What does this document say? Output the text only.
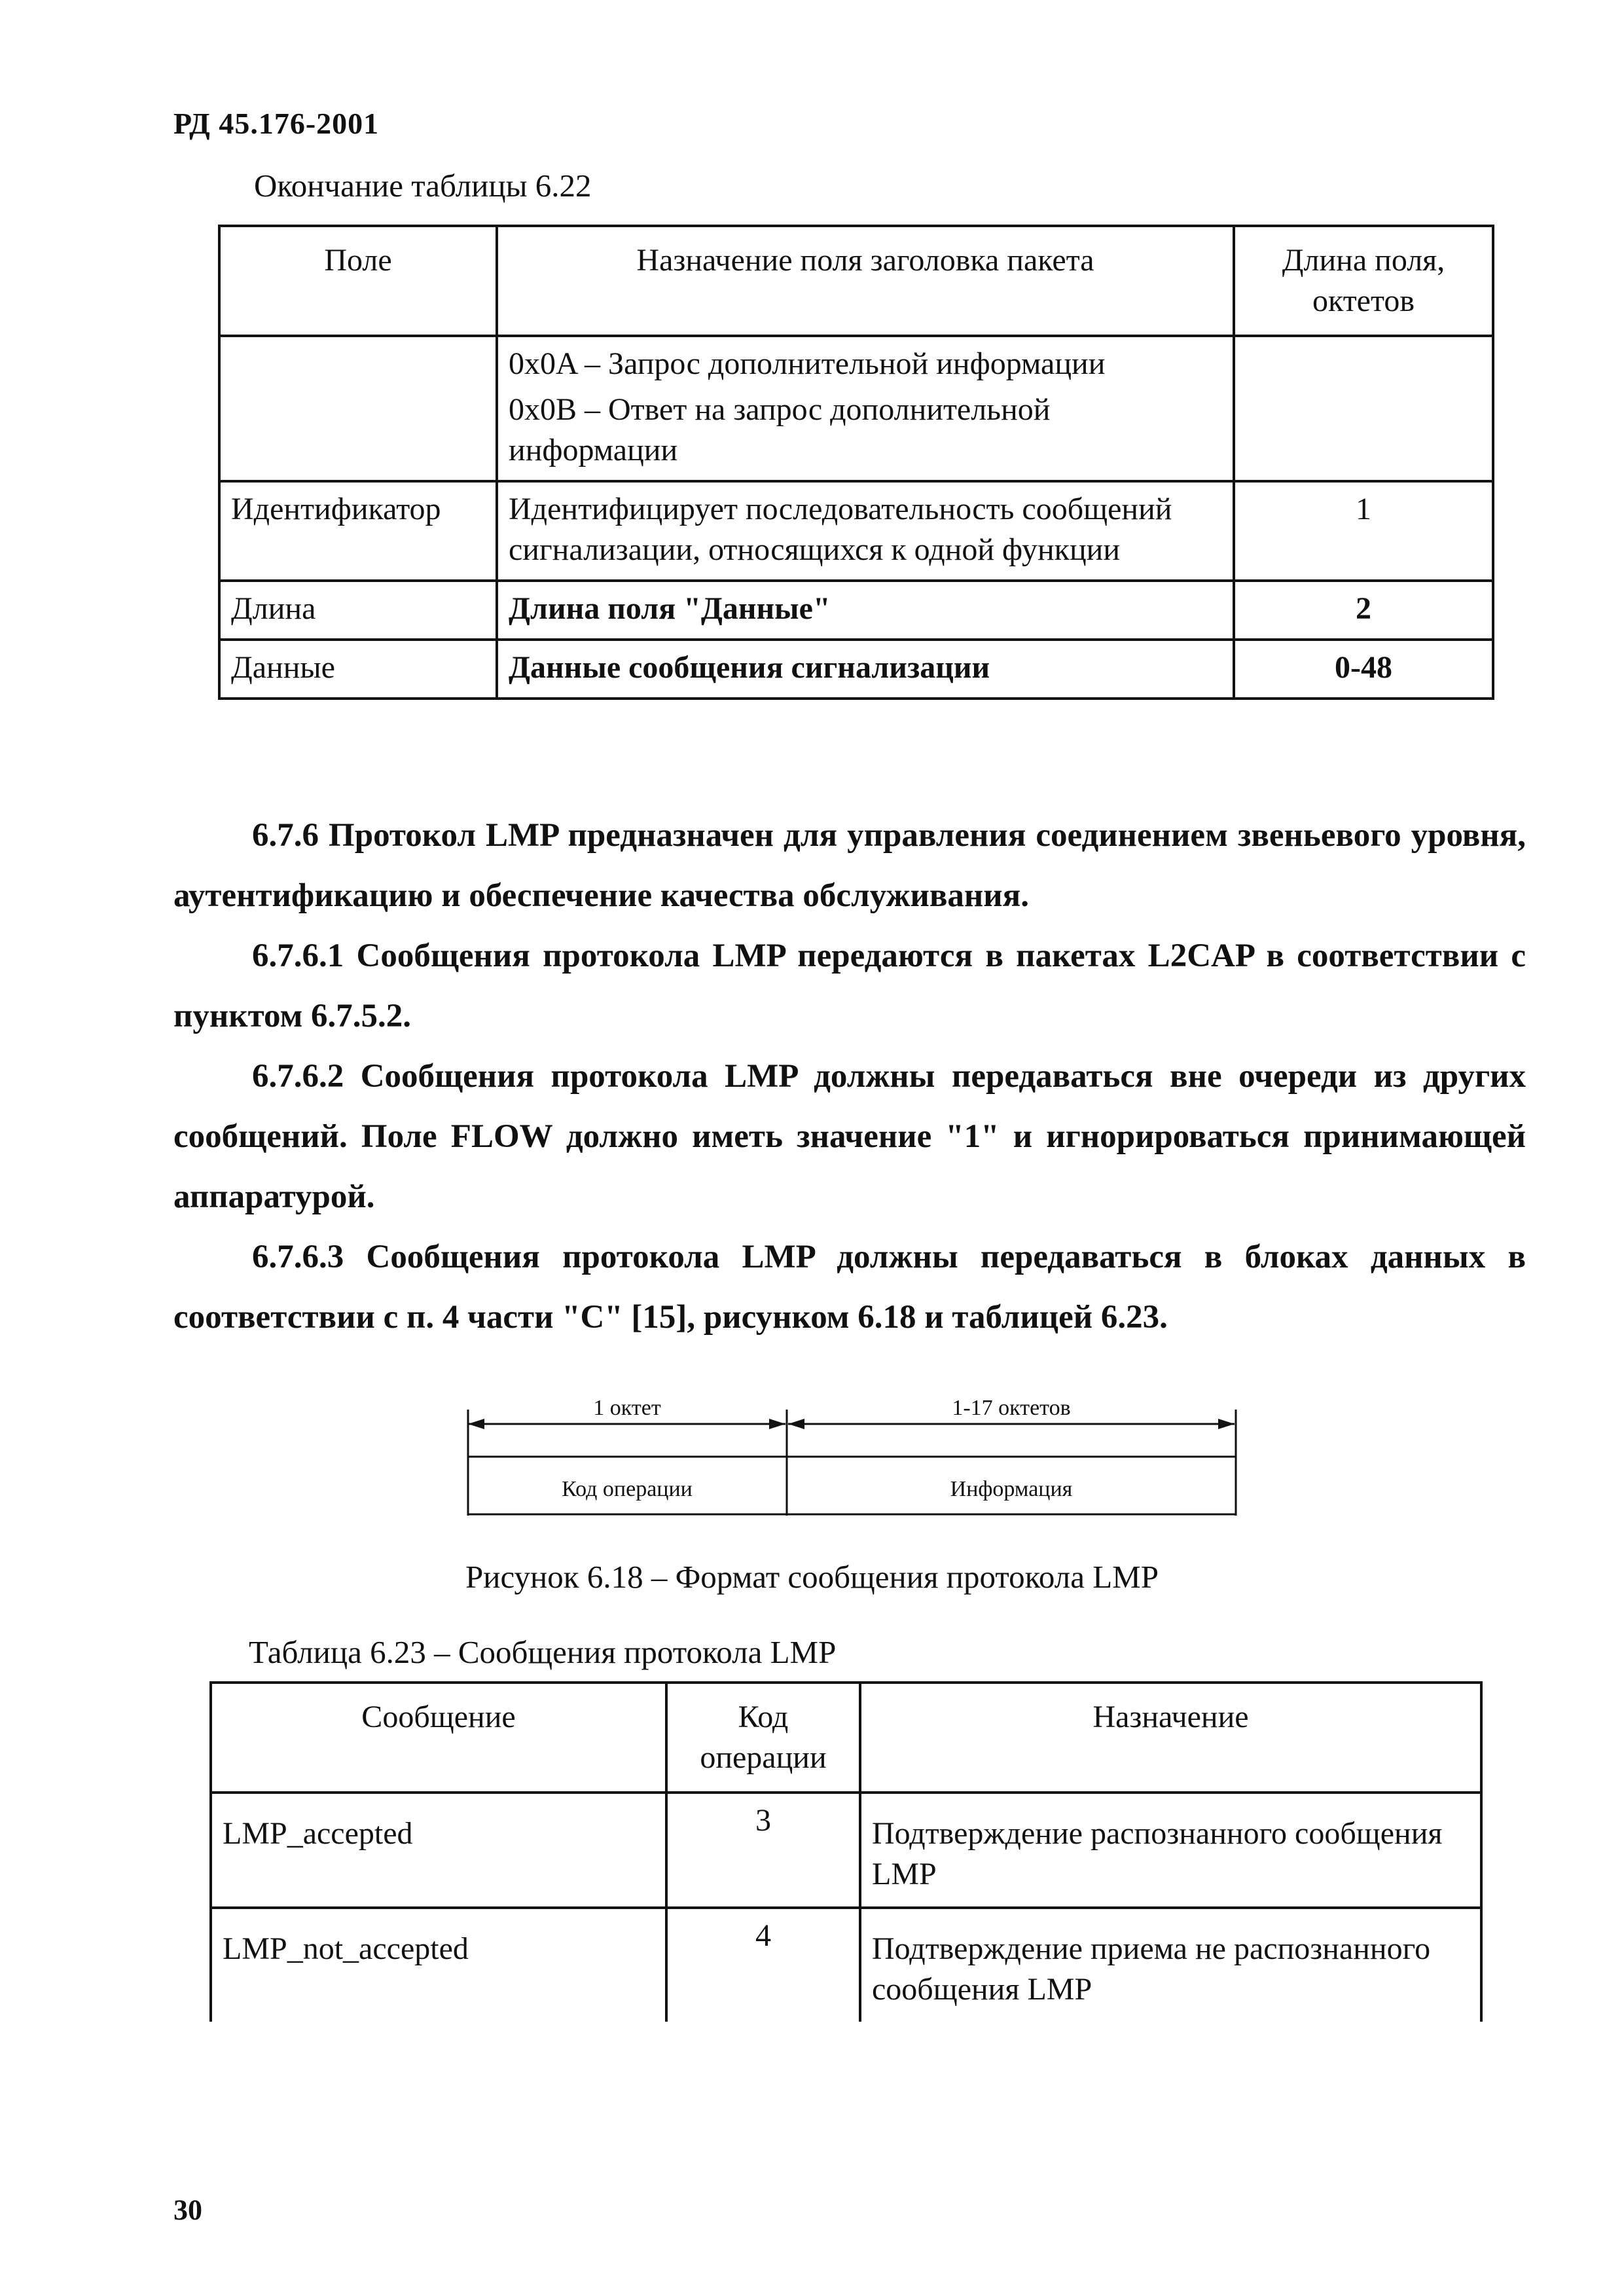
РД 45.176-2001
Окончание таблицы 6.22
Поле	Назначение поля заголовка пакета	Длина поля, октетов

	0x0A – Запрос дополнительной информации
0x0B – Ответ на запрос дополнительной информации	
Идентификатор	Идентифицирует последовательность сообщений сигнализации, относящихся к одной функции	1
Длина	Длина поля "Данные"	2
Данные	Данные сообщения сигнализации	0-48

6.7.6 Протокол LMP предназначен для управления соединением звеньевого уровня, аутентификацию и обеспечение качества обслуживания.

6.7.6.1 Сообщения протокола LMP передаются в пакетах L2CAP в соответствии с пунктом 6.7.5.2.

6.7.6.2 Сообщения протокола LMP должны передаваться вне очереди из других сообщений. Поле FLOW должно иметь значение "1" и игнорироваться принимающей аппаратурой.

6.7.6.3 Сообщения протокола LMP должны передаваться в блоках данных в соответствии с п. 4 части "C" [15], рисунком 6.18 и таблицей 6.23.

1 октет	1-17 октетов
Код операции	Информация
Рисунок 6.18 – Формат сообщения протокола LMP
Таблица 6.23 – Сообщения протокола LMP
Сообщение	Код операции	Назначение
LMP_accepted	3	Подтверждение распознанного сообщения LMP
LMP_not_accepted	4	Подтверждение приема не распознанного сообщения LMP
30
